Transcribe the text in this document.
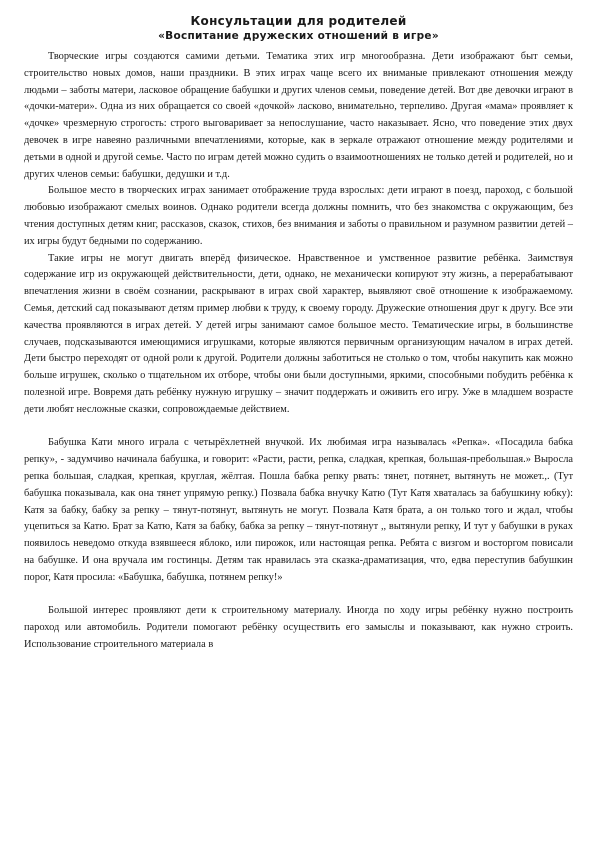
Консультации для родителей
«Воспитание дружеских отношений в игре»

Творческие игры создаются самими детьми. Тематика этих игр многообразна. Дети изображают быт семьи, строительство новых домов, наши праздники. В этих играх чаще всего их вниманые привлекают отношения между людьми – заботы матери, ласковое обращение бабушки и других членов семьи, поведение детей. Вот две девочки играют в «дочки-матери». Одна из них обращается со своей «дочкой» ласково, внимательно, терпеливо. Другая «мама» проявляет к «дочке» чрезмерную строгость: строго выговаривает за непослушание, часто наказывает. Ясно, что поведение этих двух девочек в игре навеяно различными впечатлениями, которые, как в зеркале отражают отношение между родителями и детьми в одной и другой семье. Часто по играм детей можно судить о взаимоотношениях не только детей и родителей, но и других членов семьи: бабушки, дедушки и т.д.

Большое место в творческих играх занимает отображение труда взрослых: дети играют в поезд, пароход, с большой любовью изображают смелых воинов. Однако родители всегда должны помнить, что без знакомства с окружающим, без чтения доступных детям книг, рассказов, сказок, стихов, без внимания и заботы о правильном и разумном развитии детей – их игры будут бедными по содержанию.

Такие игры не могут двигать вперёд физическое. Нравственное и умственное развитие ребёнка. Заимствуя содержание игр из окружающей действительности, дети, однако, не механически копируют эту жизнь, а перерабатывают впечатления жизни в своём сознании, раскрывают в играх свой характер, выявляют своё отношение к изображаемому. Семья, детский сад показывают детям пример любви к труду, к своему городу. Дружеские отношения друг к другу. Все эти качества проявляются в играх детей. У детей игры занимают самое большое место. Тематические игры, в большинстве случаев, подсказываются имеющимися игрушками, которые являются первичным организующим началом в играх детей. Дети быстро переходят от одной роли к другой. Родители должны заботиться не столько о том, чтобы накупить как можно больше игрушек, сколько о тщательном их отборе, чтобы они были доступными, яркими, способными побудить ребёнка к полезной игре. Вовремя дать ребёнку нужную игрушку – значит поддержать и оживить его игру. Уже в младшем возрасте дети любят несложные сказки, сопровождаемые действием.

Бабушка Кати много играла с четырёхлетней внучкой. Их любимая игра называлась «Репка». «Посадила бабка репку», - задумчиво начинала бабушка, и говорит: «Расти, расти, репка, сладкая, крепкая, большая-пребольшая.» Выросла репка большая, сладкая, крепкая, круглая, жёлтая. Пошла бабка репку рвать: тянет, потянет, вытянуть не может.,. (Тут бабушка показывала, как она тянет упрямую репку.) Позвала бабка внучку Катю (Тут Катя хваталась за бабушкину юбку): Катя за бабку, бабку за репку – тянут-потянут, вытянуть не могут. Позвала Катя брата, а он только того и ждал, чтобы уцепиться за Катю. Брат за Катю, Катя за бабку, бабка за репку – тянут-потянут ,, вытянули репку, И тут у бабушки в руках появилось неведомо откуда взявшееся яблоко, или пирожок, или настоящая репка. Ребята с визгом и восторгом повисали на бабушке. И она вручала им гостинцы. Детям так нравилась эта сказка-драматизация, что, едва переступив бабушкин порог, Катя просила: «Бабушка, бабушка, потянем репку!»

Большой интерес проявляют дети к строительному материалу. Иногда по ходу игры ребёнку нужно построить пароход или автомобиль. Родители помогают ребёнку осуществить его замыслы и показывают, как нужно строить. Использование строительного материала в
